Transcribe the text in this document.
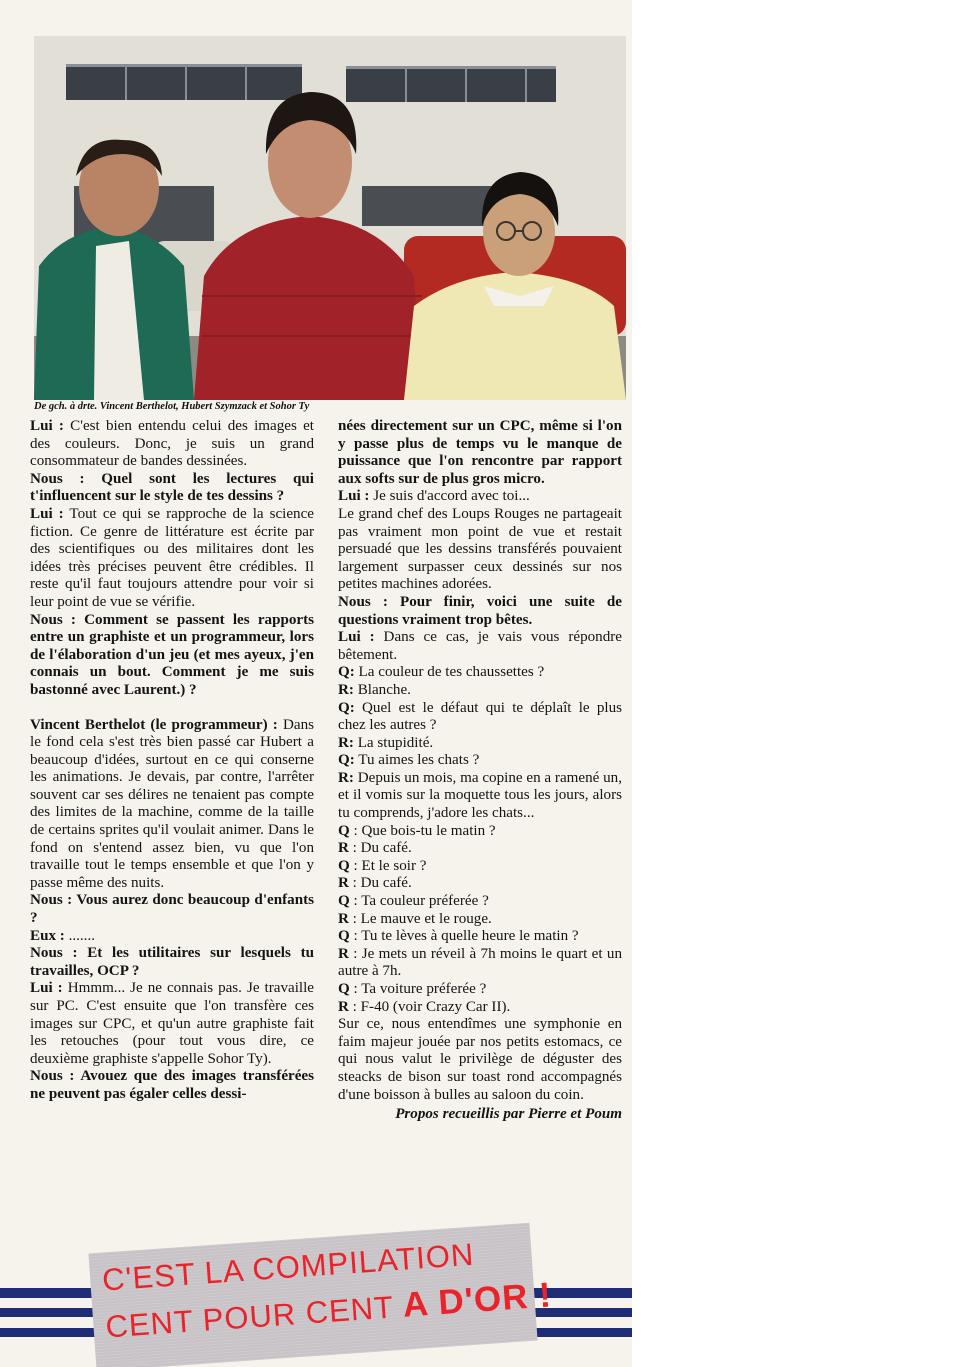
De gch. à drte. Vincent Berthelot, Hubert Szymzack et Sohor Ty

Lui : C'est bien entendu celui des images et des couleurs. Donc, je suis un grand consommateur de bandes dessinées.

Nous : Quel sont les lectures qui t'influencent sur le style de tes dessins ?

Lui : Tout ce qui se rapproche de la science fiction. Ce genre de littérature est écrite par des scientifiques ou des militaires dont les idées très précises peuvent être crédibles. Il reste qu'il faut toujours attendre pour voir si leur point de vue se vérifie.

Nous : Comment se passent les rapports entre un graphiste et un programmeur, lors de l'élaboration d'un jeu (et mes ayeux, j'en connais un bout. Comment je me suis bastonné avec Laurent.) ?

Vincent Berthelot (le programmeur) : Dans le fond cela s'est très bien passé car Hubert a beaucoup d'idées, surtout en ce qui conserne les animations. Je devais, par contre, l'arrêter souvent car ses délires ne tenaient pas compte des limites de la machine, comme de la taille de certains sprites qu'il voulait animer. Dans le fond on s'entend assez bien, vu que l'on travaille tout le temps ensemble et que l'on y passe même des nuits.

Nous : Vous aurez donc beaucoup d'enfants ?

Eux : .......

Nous : Et les utilitaires sur lesquels tu travailles, OCP ?

Lui : Hmmm... Je ne connais pas. Je travaille sur PC. C'est ensuite que l'on transfère ces images sur CPC, et qu'un autre graphiste fait les retouches (pour tout vous dire, ce deuxième graphiste s'appelle Sohor Ty).

Nous : Avouez que des images transférées ne peuvent pas égaler celles dessi-

nées directement sur un CPC, même si l'on y passe plus de temps vu le manque de puissance que l'on rencontre par rapport aux softs sur de plus gros micro.

Lui : Je suis d'accord avec toi...

Le grand chef des Loups Rouges ne partageait pas vraiment mon point de vue et restait persuadé que les dessins transférés pouvaient largement surpasser ceux dessinés sur nos petites machines adorées.

Nous : Pour finir, voici une suite de questions vraiment trop bêtes.

Lui : Dans ce cas, je vais vous répondre bêtement.

Q: La couleur de tes chaussettes ?

R: Blanche.

Q: Quel est le défaut qui te déplaît le plus chez les autres ?

R: La stupidité.

Q: Tu aimes les chats ?

R: Depuis un mois, ma copine en a ramené un, et il vomis sur la moquette tous les jours, alors tu comprends, j'adore les chats...

Q : Que bois-tu le matin ?

R : Du café.

Q : Et le soir ?

R : Du café.

Q : Ta couleur préferée ?

R : Le mauve et le rouge.

Q : Tu te lèves à quelle heure le matin ?

R : Je mets un réveil à 7h moins le quart et un autre à 7h.

Q : Ta voiture préferée ?

R : F-40 (voir Crazy Car II).

Sur ce, nous entendîmes une symphonie en faim majeur jouée par nos petits estomacs, ce qui nous valut le privilège de déguster des steacks de bison sur toast rond accompagnés d'une boisson à bulles au saloon du coin.

Propos recueillis par Pierre et Poum

C'EST LA COMPILATION
CENT POUR CENT A D'OR !
